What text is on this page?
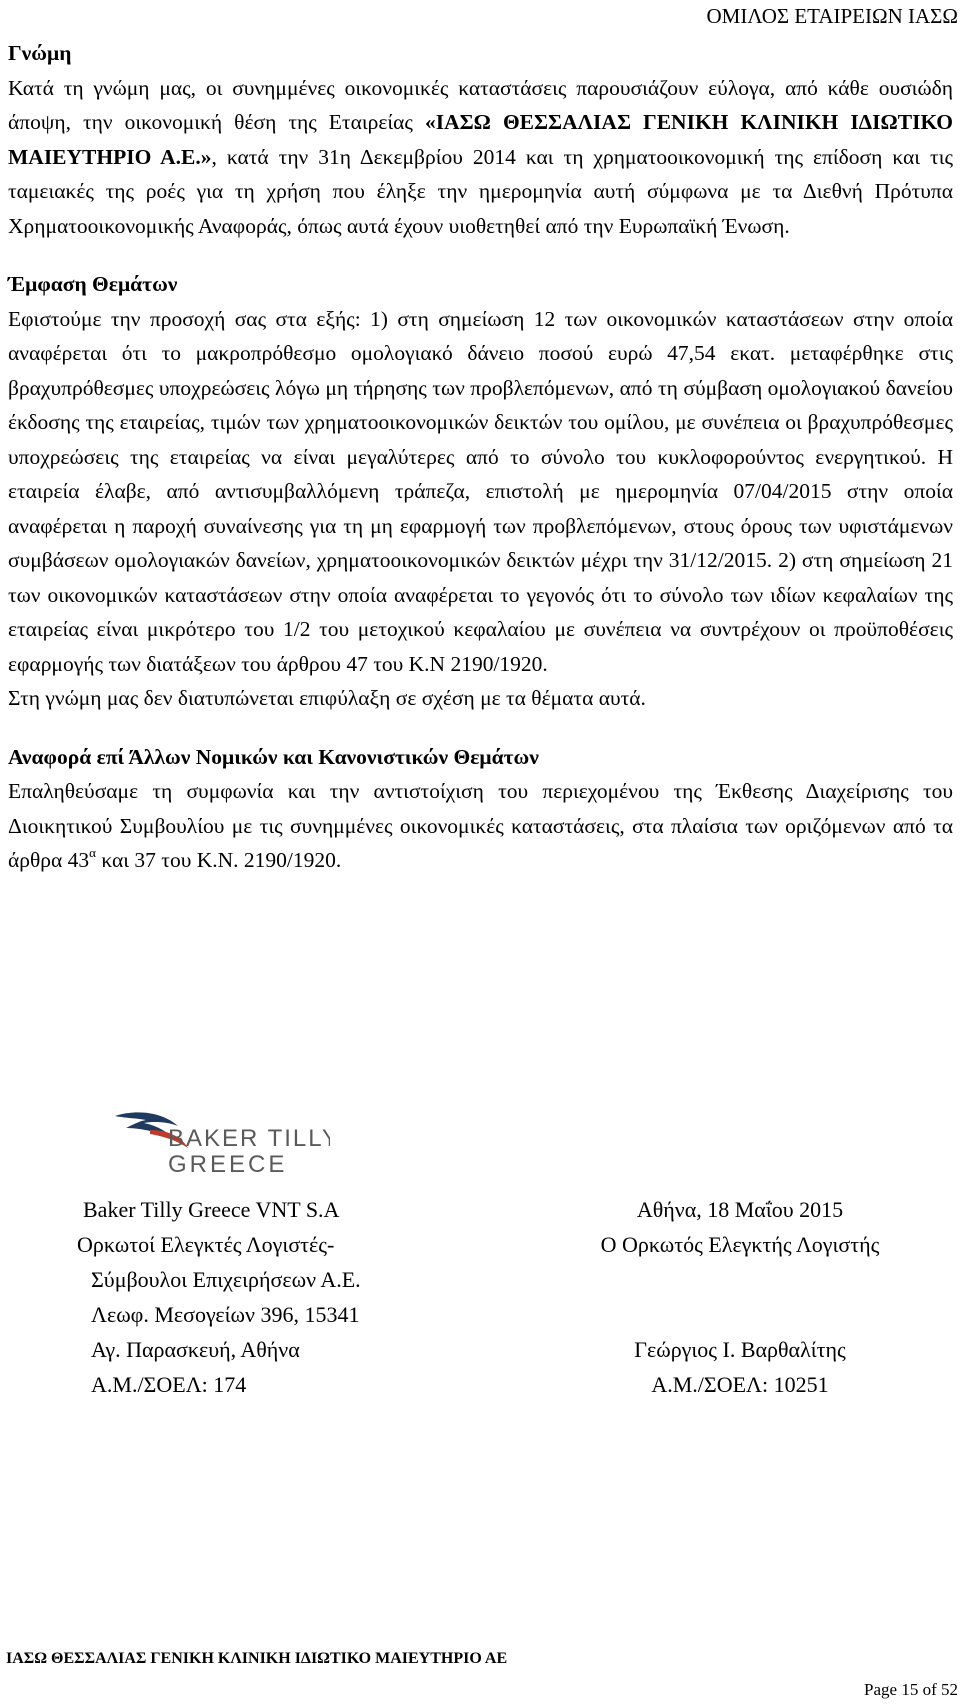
ΟΜΙΛΟΣ ΕΤΑΙΡΕΙΩΝ ΙΑΣΩ
Γνώμη

Κατά τη γνώμη μας, οι συνημμένες οικονομικές καταστάσεις παρουσιάζουν εύλογα, από κάθε ουσιώδη άποψη, την οικονομική θέση της Εταιρείας «ΙΑΣΩ ΘΕΣΣΑΛΙΑΣ ΓΕΝΙΚΗ ΚΛΙΝΙΚΗ ΙΔΙΩΤΙΚΟ ΜΑΙΕΥΤΗΡΙΟ Α.Ε.», κατά την 31η Δεκεμβρίου 2014 και τη χρηματοοικονομική της επίδοση και τις ταμειακές της ροές για τη χρήση που έληξε την ημερομηνία αυτή σύμφωνα με τα Διεθνή Πρότυπα Χρηματοοικονομικής Αναφοράς, όπως αυτά έχουν υιοθετηθεί από την Ευρωπαϊκή Ένωση.

Έμφαση Θεμάτων

Εφιστούμε την προσοχή σας στα εξής: 1) στη σημείωση 12 των οικονομικών καταστάσεων στην οποία αναφέρεται ότι το μακροπρόθεσμο ομολογιακό δάνειο ποσού ευρώ 47,54 εκατ. μεταφέρθηκε στις βραχυπρόθεσμες υποχρεώσεις λόγω μη τήρησης των προβλεπόμενων, από τη σύμβαση ομολογιακού δανείου έκδοσης της εταιρείας, τιμών των χρηματοοικονομικών δεικτών του ομίλου, με συνέπεια οι βραχυπρόθεσμες υποχρεώσεις της εταιρείας να είναι μεγαλύτερες από το σύνολο του κυκλοφορούντος ενεργητικού. Η εταιρεία έλαβε, από αντισυμβαλλόμενη τράπεζα, επιστολή με ημερομηνία 07/04/2015 στην οποία αναφέρεται η παροχή συναίνεσης για τη μη εφαρμογή των προβλεπόμενων, στους όρους των υφιστάμενων συμβάσεων ομολογιακών δανείων, χρηματοοικονομικών δεικτών μέχρι την 31/12/2015. 2) στη σημείωση 21 των οικονομικών καταστάσεων στην οποία αναφέρεται το γεγονός ότι το σύνολο των ιδίων κεφαλαίων της εταιρείας είναι μικρότερο του 1/2 του μετοχικού κεφαλαίου με συνέπεια να συντρέχουν οι προϋποθέσεις εφαρμογής των διατάξεων του άρθρου 47 του Κ.Ν 2190/1920.

Στη γνώμη μας δεν διατυπώνεται επιφύλαξη σε σχέση με τα θέματα αυτά.

Αναφορά επί Άλλων Νομικών και Κανονιστικών Θεμάτων

Επαληθεύσαμε τη συμφωνία και την αντιστοίχιση του περιεχομένου της Έκθεσης Διαχείρισης του Διοικητικού Συμβουλίου με τις συνημμένες οικονομικές καταστάσεις, στα πλαίσια των οριζόμενων από τα άρθρα $43^\alpha$ και 37 του Κ.Ν. 2190/1920.

BAKER TILLY
GREECE
Baker Tilly Greece VNT S.A
Ορκωτοί Ελεγκτές Λογιστές-
Σύμβουλοι Επιχειρήσεων Α.Ε.
Λεωφ. Μεσογείων 396, 15341
Αγ. Παρασκευή, Αθήνα
Α.Μ./ΣΟΕΛ: 174
Αθήνα, 18 Μαΐου 2015
Ο Ορκωτός Ελεγκτής Λογιστής

Γεώργιος Ι. Βαρθαλίτης
Α.Μ./ΣΟΕΛ: 10251
ΙΑΣΩ ΘΕΣΣΑΛΙΑΣ ΓΕΝΙΚΗ ΚΛΙΝΙΚΗ ΙΔΙΩΤΙΚΟ ΜΑΙΕΥΤΗΡΙΟ ΑΕ
Page 15 of 52
